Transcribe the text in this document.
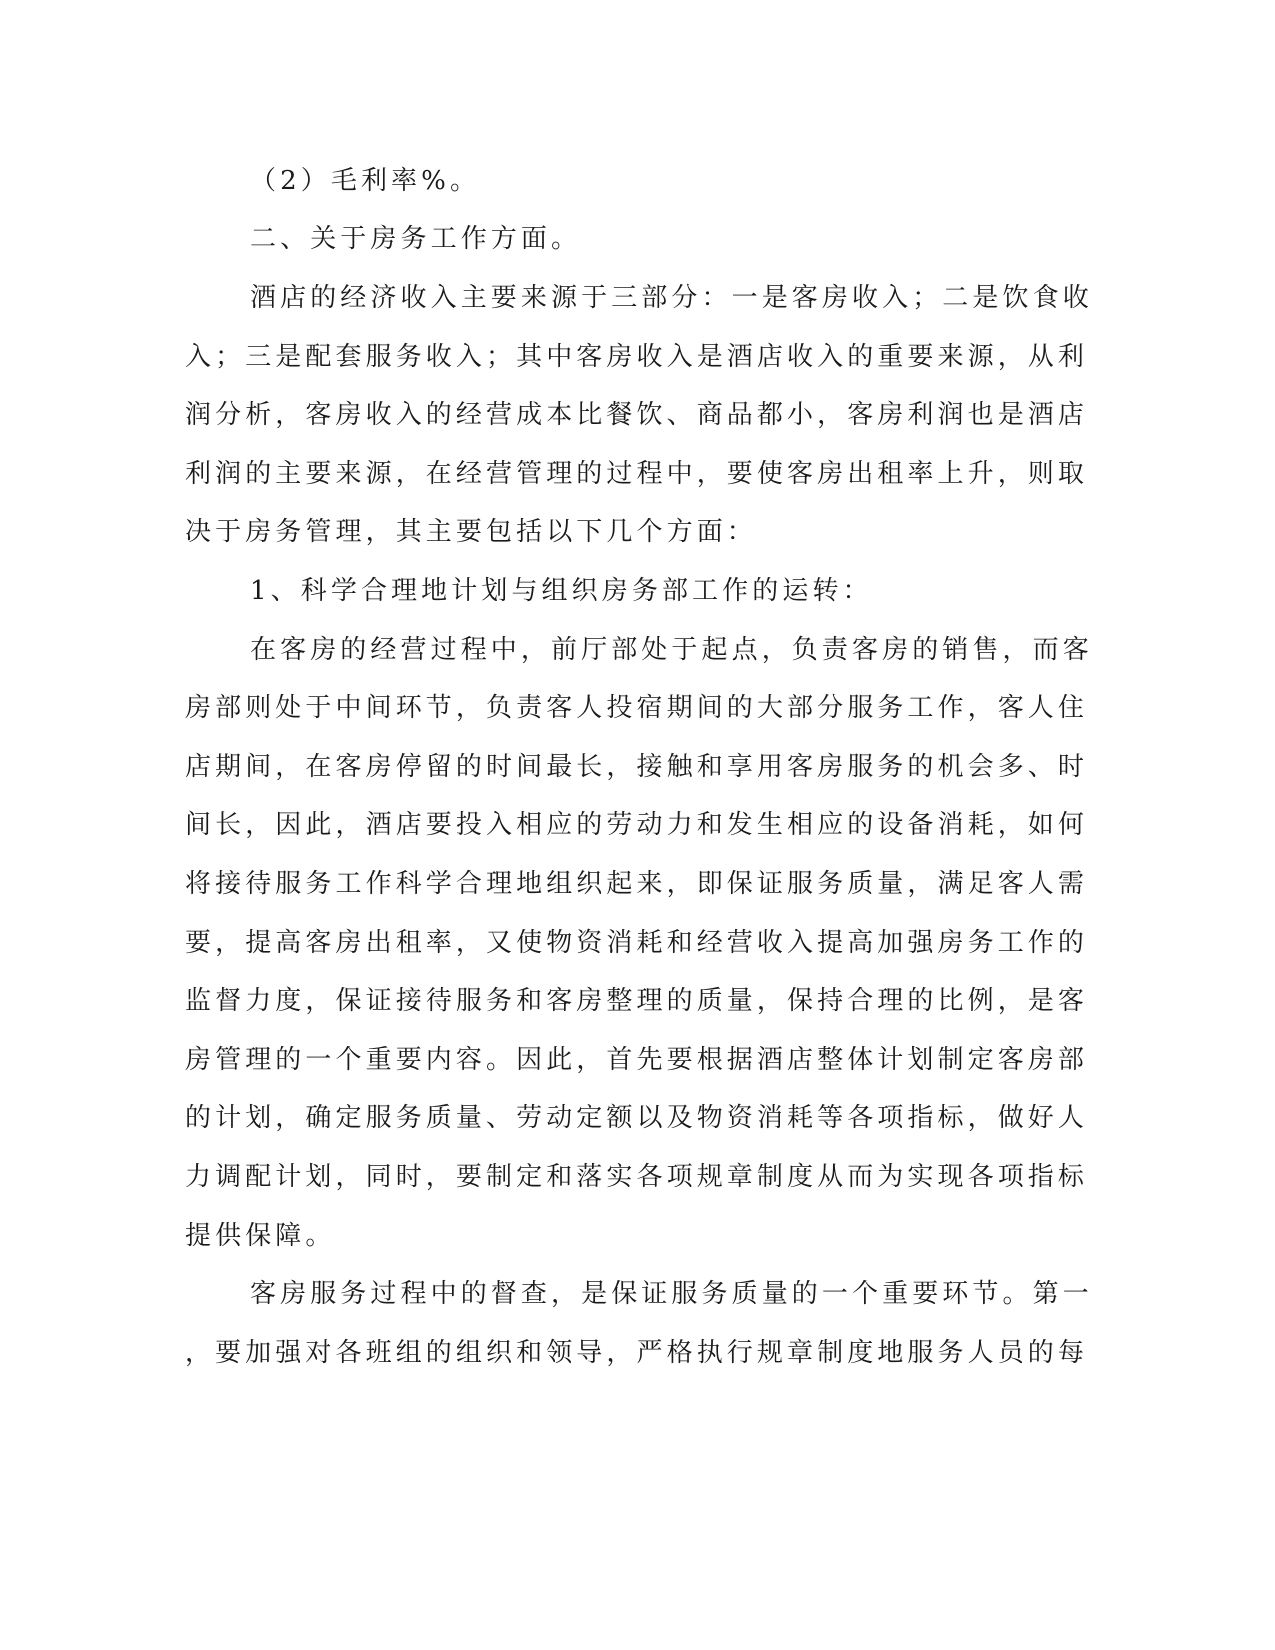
（2）毛利率%。
二、关于房务工作方面。
酒店的经济收入主要来源于三部分：一是客房收入；二是饮食收
入；三是配套服务收入；其中客房收入是酒店收入的重要来源，从利
润分析，客房收入的经营成本比餐饮、商品都小，客房利润也是酒店
利润的主要来源，在经营管理的过程中，要使客房出租率上升，则取
决于房务管理，其主要包括以下几个方面：
1、科学合理地计划与组织房务部工作的运转：
在客房的经营过程中，前厅部处于起点，负责客房的销售，而客
房部则处于中间环节，负责客人投宿期间的大部分服务工作，客人住
店期间，在客房停留的时间最长，接触和享用客房服务的机会多、时
间长，因此，酒店要投入相应的劳动力和发生相应的设备消耗，如何
将接待服务工作科学合理地组织起来，即保证服务质量，满足客人需
要，提高客房出租率，又使物资消耗和经营收入提高加强房务工作的
监督力度，保证接待服务和客房整理的质量，保持合理的比例，是客
房管理的一个重要内容。因此，首先要根据酒店整体计划制定客房部
的计划，确定服务质量、劳动定额以及物资消耗等各项指标，做好人
力调配计划，同时，要制定和落实各项规章制度从而为实现各项指标
提供保障。
客房服务过程中的督查，是保证服务质量的一个重要环节。第一
，要加强对各班组的组织和领导，严格执行规章制度地服务人员的每
